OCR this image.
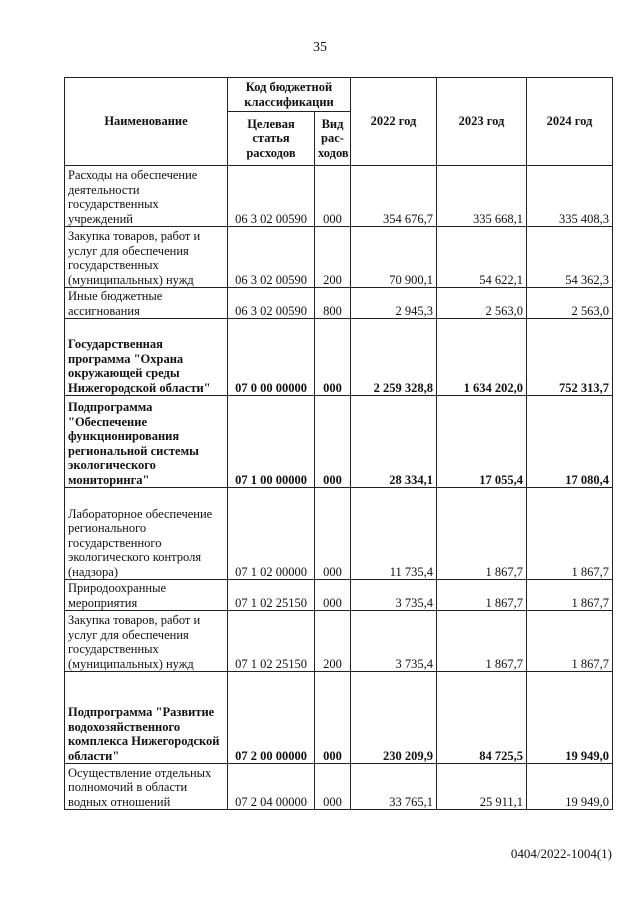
35
Наименование	Код бюджетной классификации		2022 год	2023 год	2024 год
	Целевая статья расходов	Вид рас-ходов			
Расходы на обеспечение деятельности государственных учреждений	06 3 02 00590	000	354 676,7	335 668,1	335 408,3
Закупка товаров, работ и услуг для обеспечения государственных (муниципальных) нужд	06 3 02 00590	200	70 900,1	54 622,1	54 362,3
Иные бюджетные ассигнования	06 3 02 00590	800	2 945,3	2 563,0	2 563,0
Государственная программа "Охрана окружающей среды Нижегородской области"	07 0 00 00000	000	2 259 328,8	1 634 202,0	752 313,7
Подпрограмма "Обеспечение функционирования региональной системы экологического мониторинга"	07 1 00 00000	000	28 334,1	17 055,4	17 080,4
Лабораторное обеспечение регионального государственного экологического контроля (надзора)	07 1 02 00000	000	11 735,4	1 867,7	1 867,7
Природоохранные мероприятия	07 1 02 25150	000	3 735,4	1 867,7	1 867,7
Закупка товаров, работ и услуг для обеспечения государственных (муниципальных) нужд	07 1 02 25150	200	3 735,4	1 867,7	1 867,7
Подпрограмма "Развитие водохозяйственного комплекса Нижегородской области"	07 2 00 00000	000	230 209,9	84 725,5	19 949,0
Осуществление отдельных полномочий в области водных отношений	07 2 04 00000	000	33 765,1	25 911,1	19 949,0
0404/2022-1004(1)
